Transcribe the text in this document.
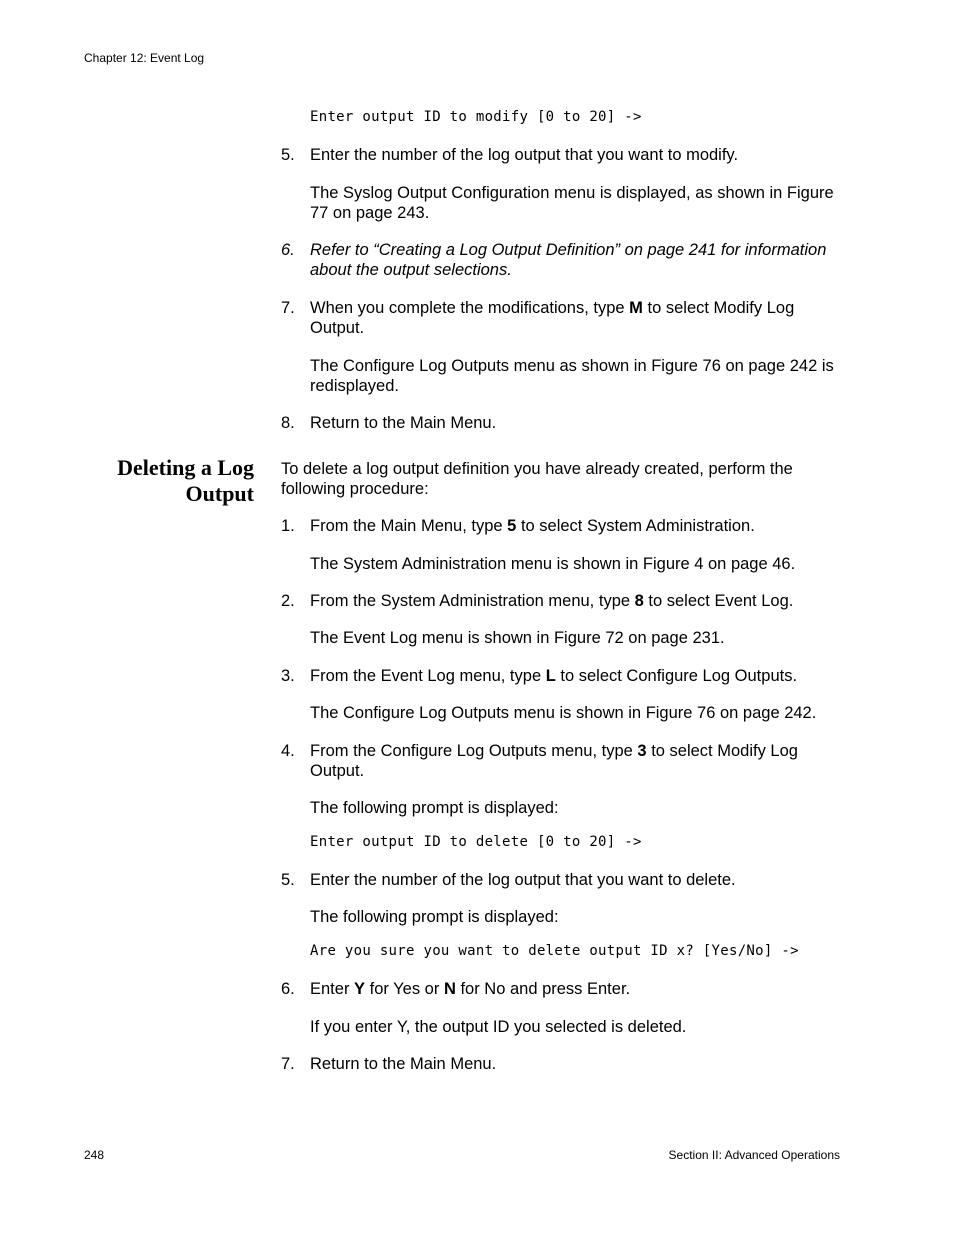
Chapter 12: Event Log
Enter output ID to modify [0 to 20] ->
5. Enter the number of the log output that you want to modify.
The Syslog Output Configuration menu is displayed, as shown in Figure 77 on page 243.
6. Refer to “Creating a Log Output Definition” on page 241 for information about the output selections.
7. When you complete the modifications, type M to select Modify Log Output.
The Configure Log Outputs menu as shown in Figure 76 on page 242 is redisplayed.
8. Return to the Main Menu.
Deleting a Log
Output
To delete a log output definition you have already created, perform the following procedure:
1. From the Main Menu, type 5 to select System Administration.
The System Administration menu is shown in Figure 4 on page 46.
2. From the System Administration menu, type 8 to select Event Log.
The Event Log menu is shown in Figure 72 on page 231.
3. From the Event Log menu, type L to select Configure Log Outputs.
The Configure Log Outputs menu is shown in Figure 76 on page 242.
4. From the Configure Log Outputs menu, type 3 to select Modify Log Output.
The following prompt is displayed:
Enter output ID to delete [0 to 20] ->
5. Enter the number of the log output that you want to delete.
The following prompt is displayed:
Are you sure you want to delete output ID x? [Yes/No] ->
6. Enter Y for Yes or N for No and press Enter.
If you enter Y, the output ID you selected is deleted.
7. Return to the Main Menu.
248	Section II: Advanced Operations
